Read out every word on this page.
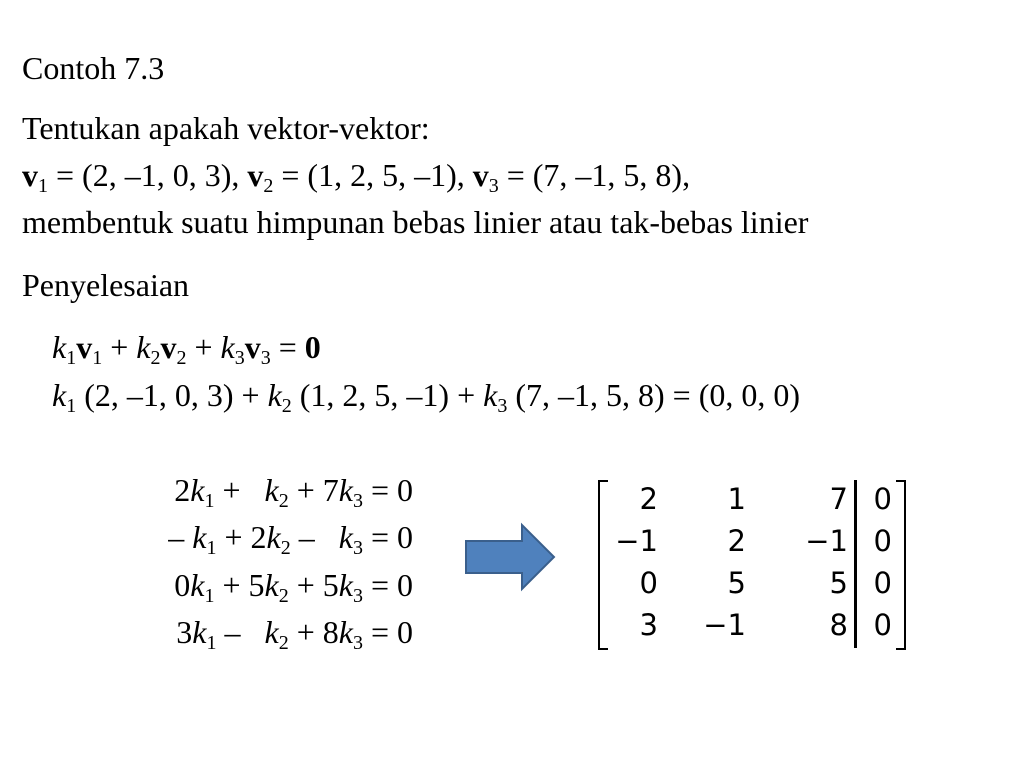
Contoh 7.3
Tentukan apakah vektor-vektor:
$v_1 = (2$, –1, 0, 3), $v_2 = (1$, 2, 5, –1), $v_3 = (7$, –1, 5, 8),
membentuk suatu himpunan bebas linier atau tak-bebas linier
Penyelesaian
$k_1v_1 + k_2v_2 + k_3v_3 = 0$
$k_1$ (2, –1, 0, $3) + k_2$ (1, 2, 5, $-1) + k_3$ (7, –1, 5, 8) = (0, 0, 0)
$2k_1 + k_2 + 7k_3 = 0$
– $k_1 + 2k_2 - k_3 = 0$
$0k_1 + 5k_2 + 5k_3 = 0$
$3k_1 - k_2 + 8k_3 = 0$
2	1	7 0
−1	2	−1 0
0	5	5 0
3	−1	8 0
